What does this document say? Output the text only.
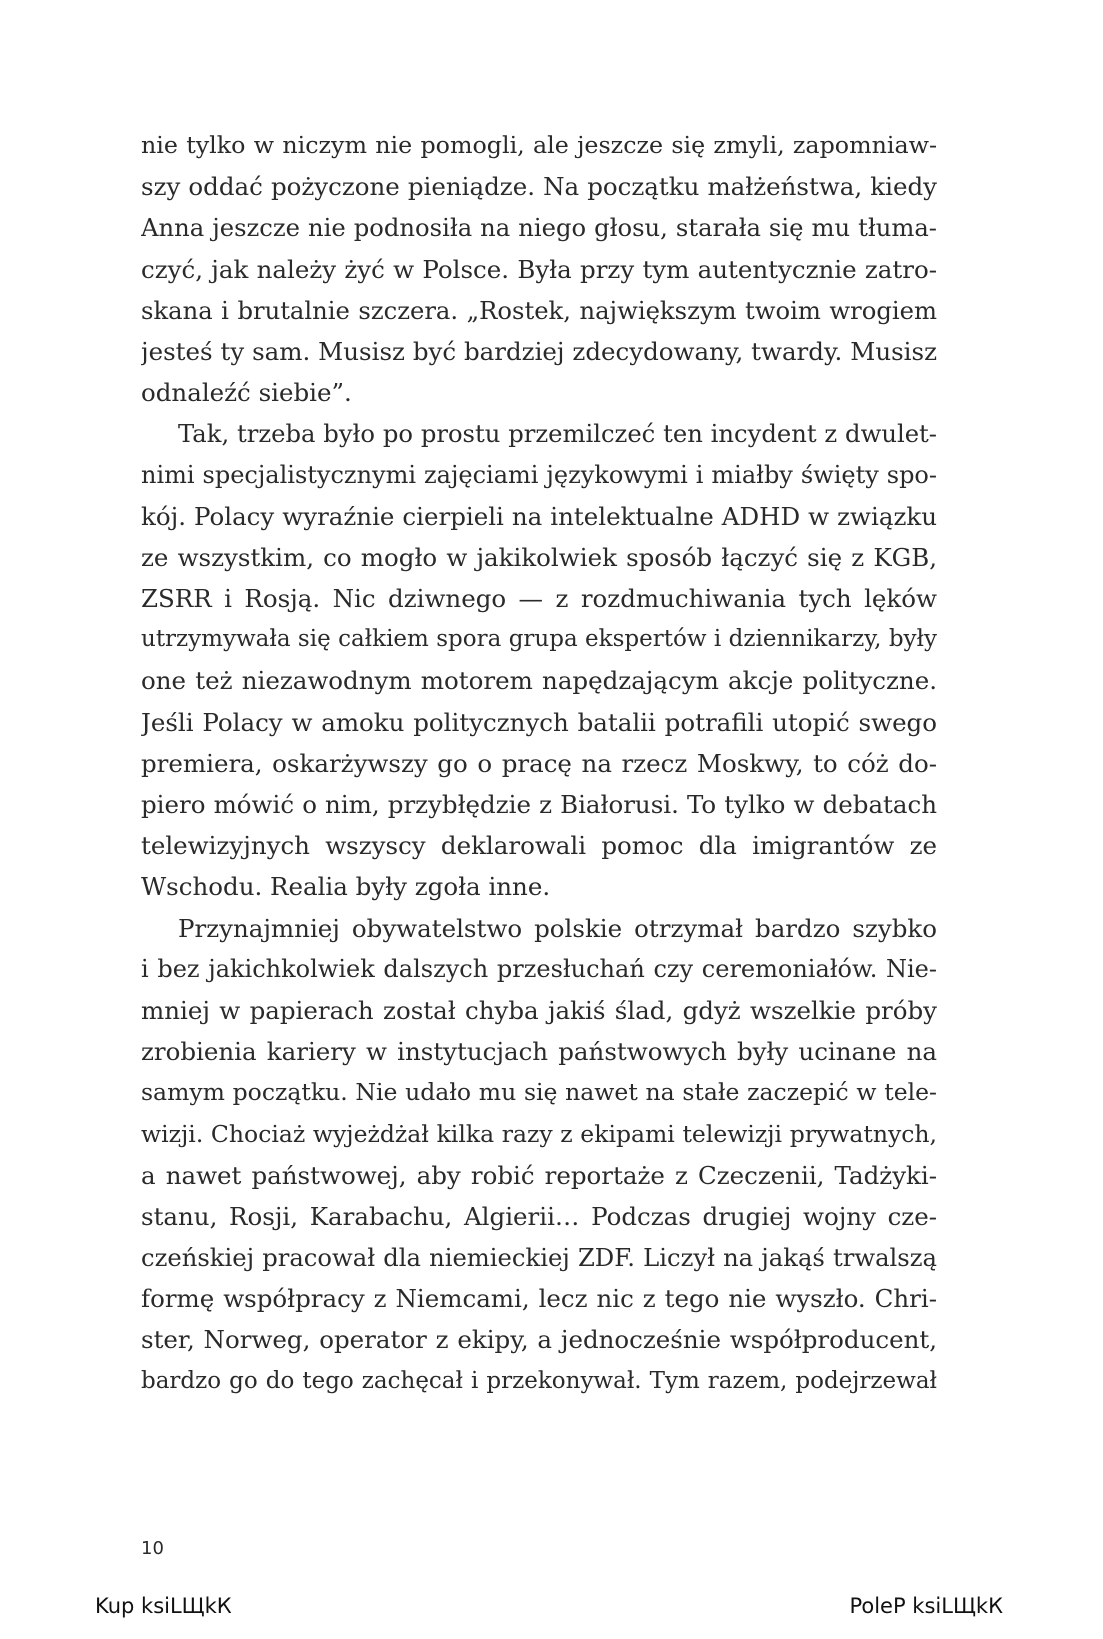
nie tylko w niczym nie pomogli, ale jeszcze się zmyli, zapomniaw-
szy oddać pożyczone pieniądze. Na początku małżeństwa, kiedy
Anna jeszcze nie podnosiła na niego głosu, starała się mu tłuma-
czyć, jak należy żyć w Polsce. Była przy tym autentycznie zatro-
skana i brutalnie szczera. „Rostek, największym twoim wrogiem
jesteś ty sam. Musisz być bardziej zdecydowany, twardy. Musisz
odnaleźć siebie”.
Tak, trzeba było po prostu przemilczeć ten incydent z dwulet-
nimi specjalistycznymi zajęciami językowymi i miałby święty spo-
kój. Polacy wyraźnie cierpieli na intelektualne ADHD w związku
ze wszystkim, co mogło w jakikolwiek sposób łączyć się z KGB,
ZSRR i Rosją. Nic dziwnego — z rozdmuchiwania tych lęków
utrzymywała się całkiem spora grupa ekspertów i dziennikarzy, były
one też niezawodnym motorem napędzającym akcje polityczne.
Jeśli Polacy w amoku politycznych batalii potrafili utopić swego
premiera, oskarżywszy go o pracę na rzecz Moskwy, to cóż do-
piero mówić o nim, przybłędzie z Białorusi. To tylko w debatach
telewizyjnych wszyscy deklarowali pomoc dla imigrantów ze
Wschodu. Realia były zgoła inne.
Przynajmniej obywatelstwo polskie otrzymał bardzo szybko
i bez jakichkolwiek dalszych przesłuchań czy ceremoniałów. Nie-
mniej w papierach został chyba jakiś ślad, gdyż wszelkie próby
zrobienia kariery w instytucjach państwowych były ucinane na
samym początku. Nie udało mu się nawet na stałe zaczepić w tele-
wizji. Chociaż wyjeżdżał kilka razy z ekipami telewizji prywatnych,
a nawet państwowej, aby robić reportaże z Czeczenii, Tadżyki-
stanu, Rosji, Karabachu, Algierii… Podczas drugiej wojny cze-
czeńskiej pracował dla niemieckiej ZDF. Liczył na jakąś trwalszą
formę współpracy z Niemcami, lecz nic z tego nie wyszło. Chri-
ster, Norweg, operator z ekipy, a jednocześnie współproducent,
bardzo go do tego zachęcał i przekonywał. Tym razem, podejrzewał
10
Kup ksiLЩkК	PoleP ksiLЩkК
